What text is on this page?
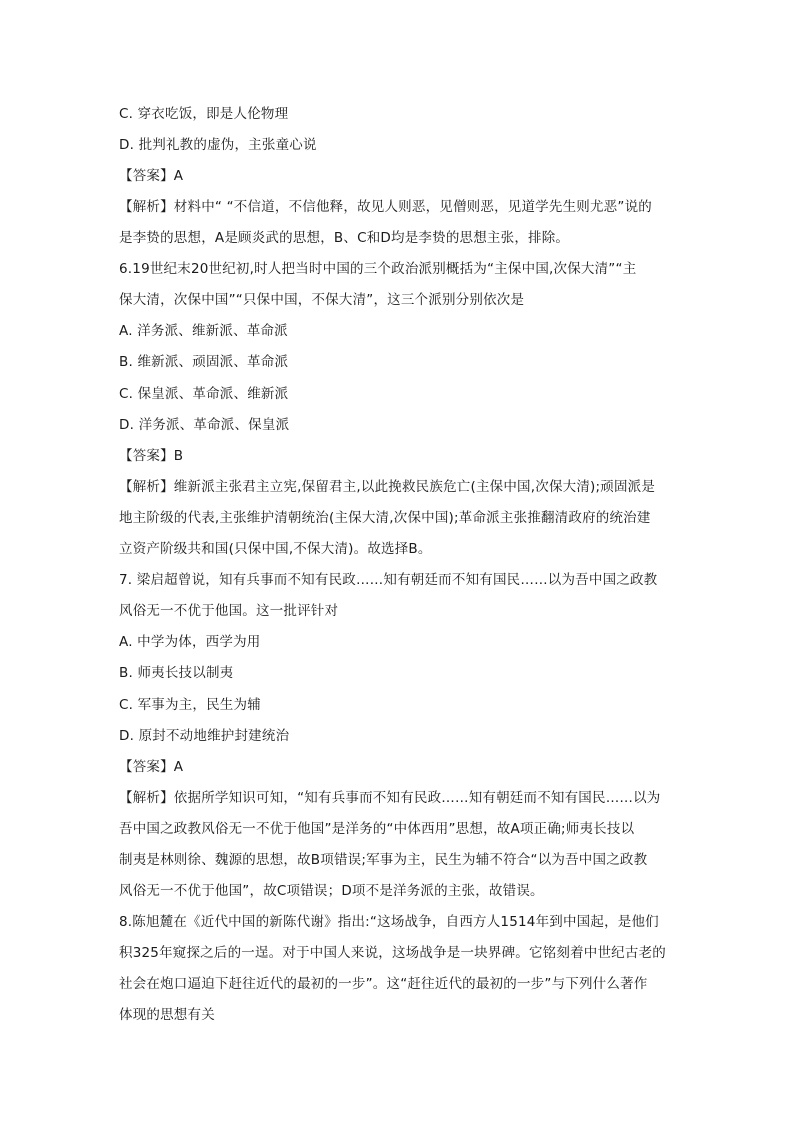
C. 穿衣吃饭，即是人伦物理
D. 批判礼教的虚伪，主张童心说
【答案】A
【解析】材料中“ “不信道，不信他释，故见人则恶，见僧则恶，见道学先生则尤恶”说的
是李贽的思想，A是顾炎武的思想，B、C和D均是李贽的思想主张，排除。
6.19世纪末20世纪初,时人把当时中国的三个政治派别概括为“主保中国,次保大清”“主
保大清，次保中国”“只保中国，不保大清”，这三个派别分别依次是
A. 洋务派、维新派、革命派
B. 维新派、顽固派、革命派
C. 保皇派、革命派、维新派
D. 洋务派、革命派、保皇派
【答案】B
【解析】维新派主张君主立宪,保留君主,以此挽救民族危亡(主保中国,次保大清);顽固派是
地主阶级的代表,主张维护清朝统治(主保大清,次保中国);革命派主张推翻清政府的统治建
立资产阶级共和国(只保中国,不保大清)。故选择B。
7. 梁启超曾说，知有兵事而不知有民政……知有朝廷而不知有国民……以为吾中国之政教
风俗无一不优于他国。这一批评针对
A. 中学为体，西学为用
B. 师夷长技以制夷
C. 军事为主，民生为辅
D. 原封不动地维护封建统治
【答案】A
【解析】依据所学知识可知，“知有兵事而不知有民政……知有朝廷而不知有国民……以为
吾中国之政教风俗无一不优于他国”是洋务的“中体西用”思想，故A项正确;师夷长技以
制夷是林则徐、魏源的思想，故B项错误;军事为主，民生为辅不符合“以为吾中国之政教
风俗无一不优于他国”，故C项错误；D项不是洋务派的主张，故错误。
8.陈旭麓在《近代中国的新陈代谢》指出:“这场战争，自西方人1514年到中国起，是他们
积325年窥探之后的一逞。对于中国人来说，这场战争是一块界碑。它铭刻着中世纪古老的
社会在炮口逼迫下赶往近代的最初的一步”。这“赶往近代的最初的一步”与下列什么著作
体现的思想有关
